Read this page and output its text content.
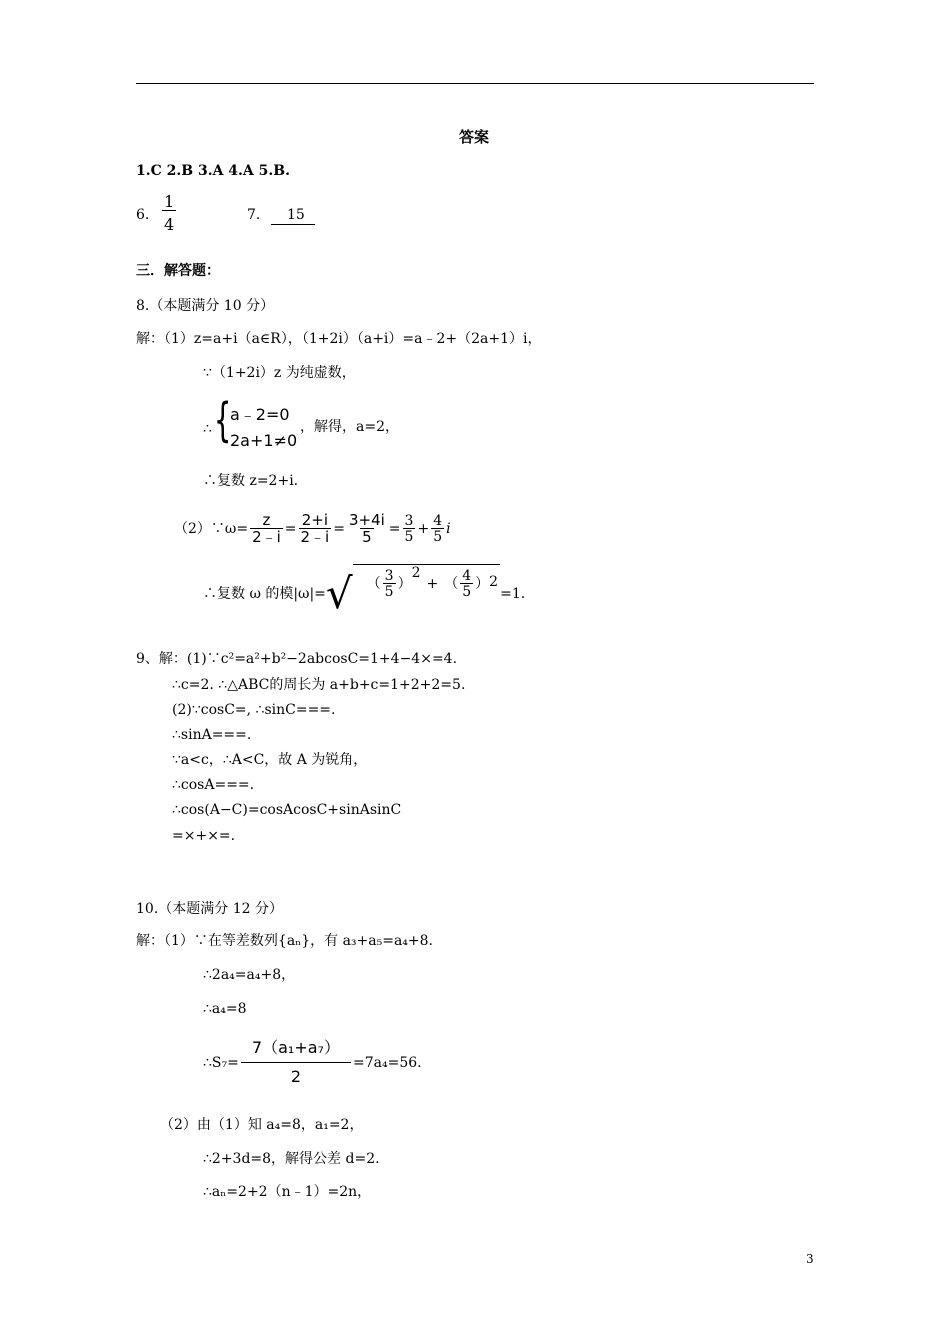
答案
1.C 2.B 3.A 4.A 5.B.
6. $\frac{1}{4}$	7.	15
三．解答题：
8.（本题满分 10 分）
解：（1）z=a+i（a∈R），（1+2i）（a+i）=a﹣2+（2a+1）i，
∵（1+2i）z 为纯虚数，
∴ {
a﹣2=0
2a+1≠0
，解得，a=2，
∴复数 z=2+i.
（2）∵ω= $\frac{z}{2﹣i} = \frac{2+i}{2﹣i} = \frac{3+4i}{5} = \frac{3}{5} + \frac{4}{5}$ i
∴复数 ω 的模|ω|= √ （ $\frac{3}{5}$ ）
2
+ （ $\frac{4}{5}$ ） 2
=1.
9、解：(1)∵c²=a²+b²−2abcosC=1+4−4×=4.
∴c=2. ∴△ABC的周长为 a+b+c=1+2+2=5.
(2)∵cosC=, ∴sinC===.
∴sinA===.
∵a<c，∴A<C，故 A 为锐角，
∴cosA===.
∴cos(A−C)=cosAcosC+sinAsinC
=×+×=.
10.（本题满分 12 分）
解：（1）∵在等差数列{aₙ}，有 a₃+a₅=a₄+8.
∴2a₄=a₄+8，
∴a₄=8
∴S₇= $\frac{\text{7（a₁+a₇）}}{2} =7a_4=56$.
（2）由（1）知 a₄=8，a₁=2，
∴2+3d=8，解得公差 d=2.
∴aₙ=2+2（n﹣1）=2n，
3
